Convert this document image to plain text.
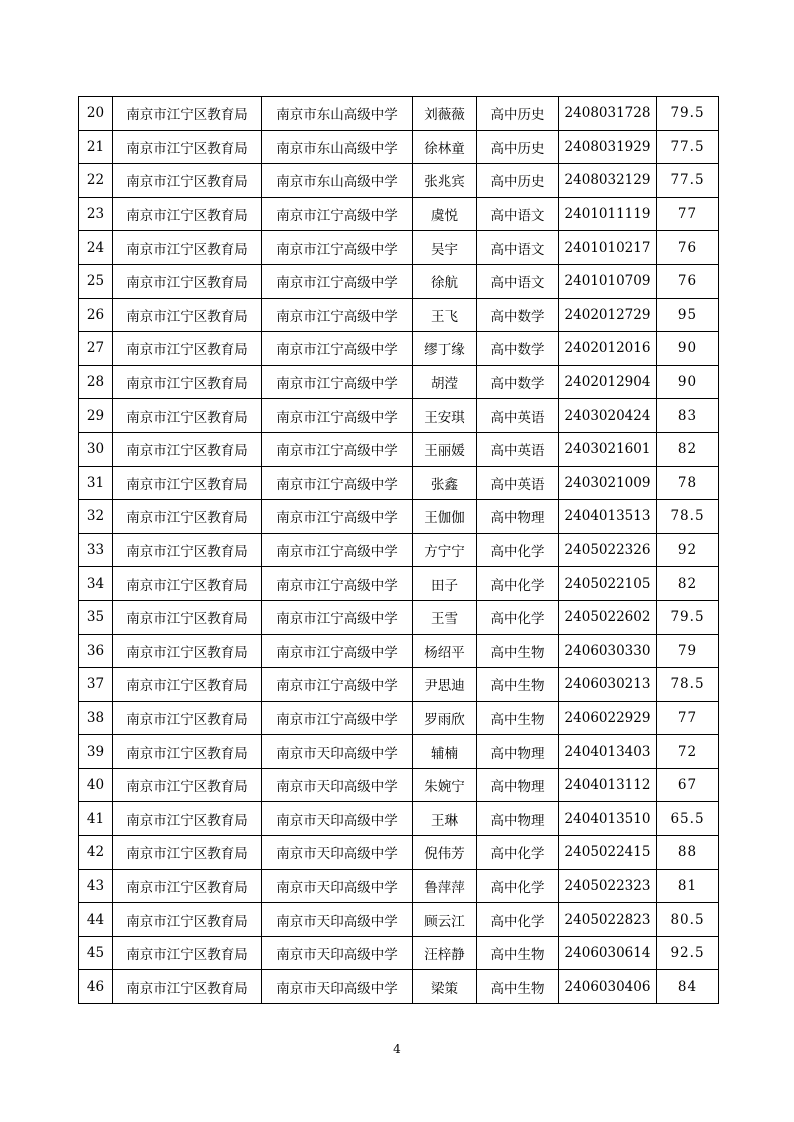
20	南京市江宁区教育局	南京市东山高级中学	刘薇薇	高中历史	2408031728	79.5
21	南京市江宁区教育局	南京市东山高级中学	徐林童	高中历史	2408031929	77.5
22	南京市江宁区教育局	南京市东山高级中学	张兆宾	高中历史	2408032129	77.5
23	南京市江宁区教育局	南京市江宁高级中学	虞悦	高中语文	2401011119	77
24	南京市江宁区教育局	南京市江宁高级中学	吴宇	高中语文	2401010217	76
25	南京市江宁区教育局	南京市江宁高级中学	徐航	高中语文	2401010709	76
26	南京市江宁区教育局	南京市江宁高级中学	王飞	高中数学	2402012729	95
27	南京市江宁区教育局	南京市江宁高级中学	缪丁缘	高中数学	2402012016	90
28	南京市江宁区教育局	南京市江宁高级中学	胡滢	高中数学	2402012904	90
29	南京市江宁区教育局	南京市江宁高级中学	王安琪	高中英语	2403020424	83
30	南京市江宁区教育局	南京市江宁高级中学	王丽媛	高中英语	2403021601	82
31	南京市江宁区教育局	南京市江宁高级中学	张鑫	高中英语	2403021009	78
32	南京市江宁区教育局	南京市江宁高级中学	王伽伽	高中物理	2404013513	78.5
33	南京市江宁区教育局	南京市江宁高级中学	方宁宁	高中化学	2405022326	92
34	南京市江宁区教育局	南京市江宁高级中学	田子	高中化学	2405022105	82
35	南京市江宁区教育局	南京市江宁高级中学	王雪	高中化学	2405022602	79.5
36	南京市江宁区教育局	南京市江宁高级中学	杨绍平	高中生物	2406030330	79
37	南京市江宁区教育局	南京市江宁高级中学	尹思迪	高中生物	2406030213	78.5
38	南京市江宁区教育局	南京市江宁高级中学	罗雨欣	高中生物	2406022929	77
39	南京市江宁区教育局	南京市天印高级中学	辅楠	高中物理	2404013403	72
40	南京市江宁区教育局	南京市天印高级中学	朱婉宁	高中物理	2404013112	67
41	南京市江宁区教育局	南京市天印高级中学	王琳	高中物理	2404013510	65.5
42	南京市江宁区教育局	南京市天印高级中学	倪伟芳	高中化学	2405022415	88
43	南京市江宁区教育局	南京市天印高级中学	鲁萍萍	高中化学	2405022323	81
44	南京市江宁区教育局	南京市天印高级中学	顾云江	高中化学	2405022823	80.5
45	南京市江宁区教育局	南京市天印高级中学	汪梓静	高中生物	2406030614	92.5
46	南京市江宁区教育局	南京市天印高级中学	梁策	高中生物	2406030406	84
4
